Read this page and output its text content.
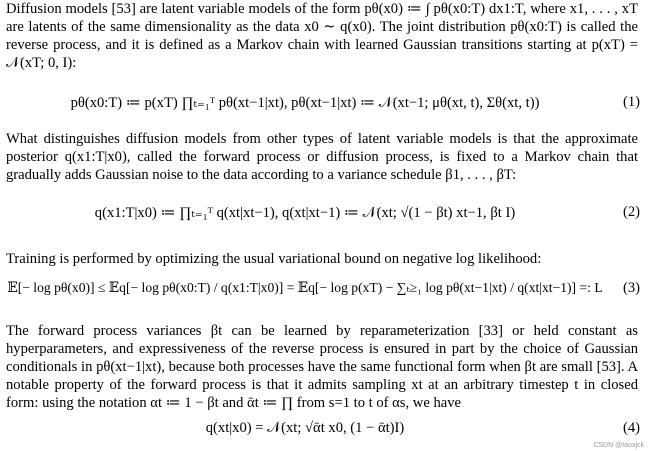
Diffusion models [53] are latent variable models of the form pθ(x0) ≔ ∫ pθ(x0:T) dx1:T, where x1, . . . , xT are latents of the same dimensionality as the data x0 ∼ q(x0). The joint distribution pθ(x0:T) is called the reverse process, and it is defined as a Markov chain with learned Gaussian transitions starting at p(xT) = 𝒩(xT; 0, I):

pθ(x0:T) ≔ p(xT) ∏ₜ₌₁ᵀ pθ(xt−1|xt), pθ(xt−1|xt) ≔ 𝒩(xt−1; μθ(xt, t), Σθ(xt, t))	(1)

What distinguishes diffusion models from other types of latent variable models is that the approximate posterior q(x1:T|x0), called the forward process or diffusion process, is fixed to a Markov chain that gradually adds Gaussian noise to the data according to a variance schedule β1, . . . , βT:

q(x1:T|x0) ≔ ∏ₜ₌₁ᵀ q(xt|xt−1), q(xt|xt−1) ≔ 𝒩(xt; √(1 − βt) xt−1, βt I)	(2)

Training is performed by optimizing the usual variational bound on negative log likelihood:

𝔼[− log pθ(x0)] ≤ 𝔼q[− log pθ(x0:T) / q(x1:T|x0)] = 𝔼q[− log p(xT) − ∑ₜ≥₁ log pθ(xt−1|xt) / q(xt|xt−1)] =: L	(3)

The forward process variances βt can be learned by reparameterization [33] or held constant as hyperparameters, and expressiveness of the reverse process is ensured in part by the choice of Gaussian conditionals in pθ(xt−1|xt), because both processes have the same functional form when βt are small [53]. A notable property of the forward process is that it admits sampling xt at an arbitrary timestep t in closed form: using the notation αt ≔ 1 − βt and ᾱt ≔ ∏ from s=1 to t of αs, we have

q(xt|x0) = 𝒩(xt; √ᾱt x0, (1 − ᾱt)I)	(4)
CSDN @taoxjck
